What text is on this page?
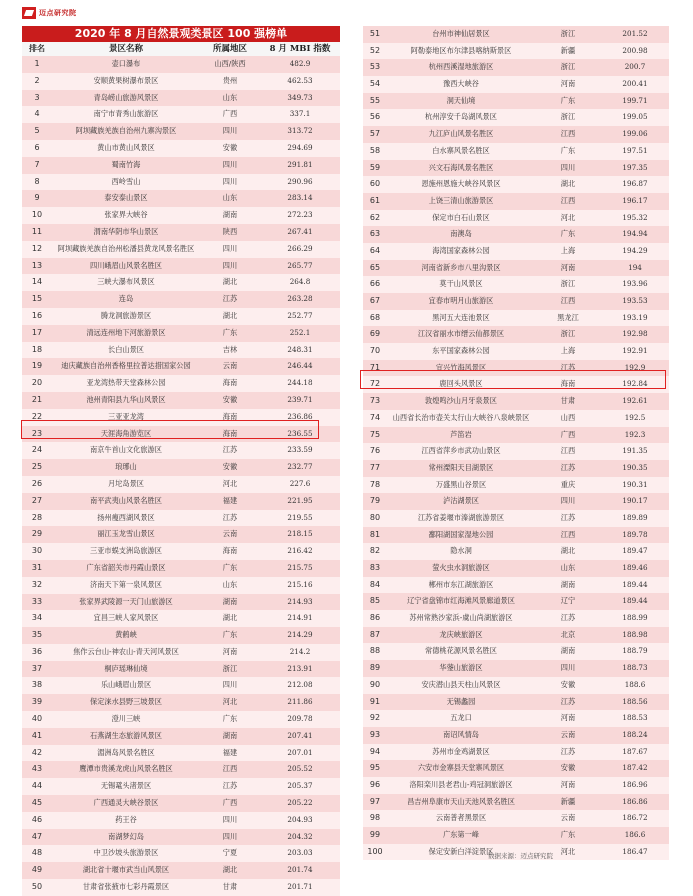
迈点研究院
2020 年 8 月自然景观类景区 100 强榜单
排名	景区名称	所属地区	8 月 MBI 指数
1	壶口瀑布	山西/陕西	482.9
2	安顺黄果树瀑布景区	贵州	462.53
3	青岛崂山旅游风景区	山东	349.73
4	南宁市青秀山旅游区	广西	337.1
5	阿坝藏族羌族自治州九寨沟景区	四川	313.72
6	黄山市黄山风景区	安徽	294.69
7	蜀南竹海	四川	291.81
8	西岭雪山	四川	290.96
9	泰安泰山景区	山东	283.14
10	张家界大峡谷	湖南	272.23
11	渭南华阴市华山景区	陕西	267.41
12	阿坝藏族羌族自治州松潘县黄龙风景名胜区	四川	266.29
13	四川峨眉山风景名胜区	四川	265.77
14	三峡大瀑布风景区	湖北	264.8
15	连岛	江苏	263.28
16	腾龙洞旅游景区	湖北	252.77
17	清远连州地下河旅游景区	广东	252.1
18	长白山景区	吉林	248.31
19	迪庆藏族自治州香格里拉普达措国家公园	云南	246.44
20	亚龙湾热带天堂森林公园	海南	244.18
21	池州青阳县九华山风景区	安徽	239.71
22	三亚亚龙湾	海南	236.86
23	天涯海角游览区	海南	236.55
24	南京牛首山文化旅游区	江苏	233.59
25	琅琊山	安徽	232.77
26	月坨岛景区	河北	227.6
27	南平武夷山风景名胜区	福建	221.95
28	扬州瘦西湖风景区	江苏	219.55
29	丽江玉龙雪山景区	云南	218.15
30	三亚市蜈支洲岛旅游区	海南	216.42
31	广东省韶关市丹霞山景区	广东	215.75
32	济南天下第一泉风景区	山东	215.16
33	张家界武陵源一天门山旅游区	湖南	214.93
34	宜昌三峡人家风景区	湖北	214.91
35	黄鹤峡	广东	214.29
36	焦作云台山-神农山-青天河风景区	河南	214.2
37	桐庐瑶琳仙境	浙江	213.91
38	乐山峨眉山景区	四川	212.08
39	保定涞水县野三坡景区	河北	211.86
40	澄川三峡	广东	209.78
41	石燕湖生态旅游风景区	湖南	207.41
42	湄洲岛风景名胜区	福建	207.01
43	鹰潭市贵溪龙虎山风景名胜区	江西	205.52
44	无锡鼋头渚景区	江苏	205.37
45	广西通灵大峡谷景区	广西	205.22
46	药王谷	四川	204.93
47	南湖梦幻岛	四川	204.32
48	中卫沙坡头旅游景区	宁夏	203.03
49	湖北省十堰市武当山风景区	湖北	201.74
50	甘肃省张掖市七彩丹霞景区	甘肃	201.71
51	台州市神仙居景区	浙江	201.52
52	阿勒泰地区布尔津县喀纳斯景区	新疆	200.98
53	杭州西溪湿地旅游区	浙江	200.7
54	豫西大峡谷	河南	200.41
55	洞天仙境	广东	199.71
56	杭州淳安千岛湖风景区	浙江	199.05
57	九江庐山风景名胜区	江西	199.06
58	白水寨风景名胜区	广东	197.51
59	兴文石海风景名胜区	四川	197.35
60	恩施州恩施大峡谷风景区	湖北	196.87
61	上饶三清山旅游景区	江西	196.17
62	保定市白石山景区	河北	195.32
63	南澳岛	广东	194.94
64	海湾国家森林公园	上海	194.29
65	河南省新乡市八里沟景区	河南	194
66	莫干山风景区	浙江	193.96
67	宜春市明月山旅游区	江西	193.53
68	黑河五大连池景区	黑龙江	193.19
69	江汉省丽水市缙云仙都景区	浙江	192.98
70	东平国家森林公园	上海	192.91
71	宜兴竹海风景区	江苏	192.9
72	鹿回头风景区	海南	192.84
73	敦煌鸣沙山月牙泉景区	甘肃	192.61
74	山西省长治市壶关太行山大峡谷八泉峡景区	山西	192.5
75	芦笛岩	广西	192.3
76	江西省萍乡市武功山景区	江西	191.35
77	常州溧阳天目湖景区	江苏	190.35
78	万盛黑山谷景区	重庆	190.31
79	泸沽湖景区	四川	190.17
80	江苏省姜堰市溱湖旅游景区	江苏	189.89
81	鄱阳湖国家湿地公园	江西	189.78
82	隐水洞	湖北	189.47
83	萤火虫水洞旅游区	山东	189.46
84	郴州市东江湖旅游区	湖南	189.44
85	辽宁省盘锦市红海滩风景廊道景区	辽宁	189.44
86	苏州常熟沙家浜-虞山尚湖旅游区	江苏	188.99
87	龙庆峡旅游区	北京	188.98
88	常德桃花源风景名胜区	湖南	188.79
89	华蓥山旅游区	四川	188.73
90	安庆潜山县天柱山风景区	安徽	188.6
91	无锡蠡园	江苏	188.56
92	五龙口	河南	188.53
93	南诏风情岛	云南	188.24
94	苏州市金鸡湖景区	江苏	187.67
95	六安市金寨县天堂寨风景区	安徽	187.42
96	洛阳栾川县老君山-鸡冠洞旅游区	河南	186.96
97	昌吉州阜康市天山天池风景名胜区	新疆	186.86
98	云南普者黑景区	云南	186.72
99	广东第一峰	广东	186.6
100	保定安新白洋淀景区	河北	186.47
数据来源：迈点研究院
